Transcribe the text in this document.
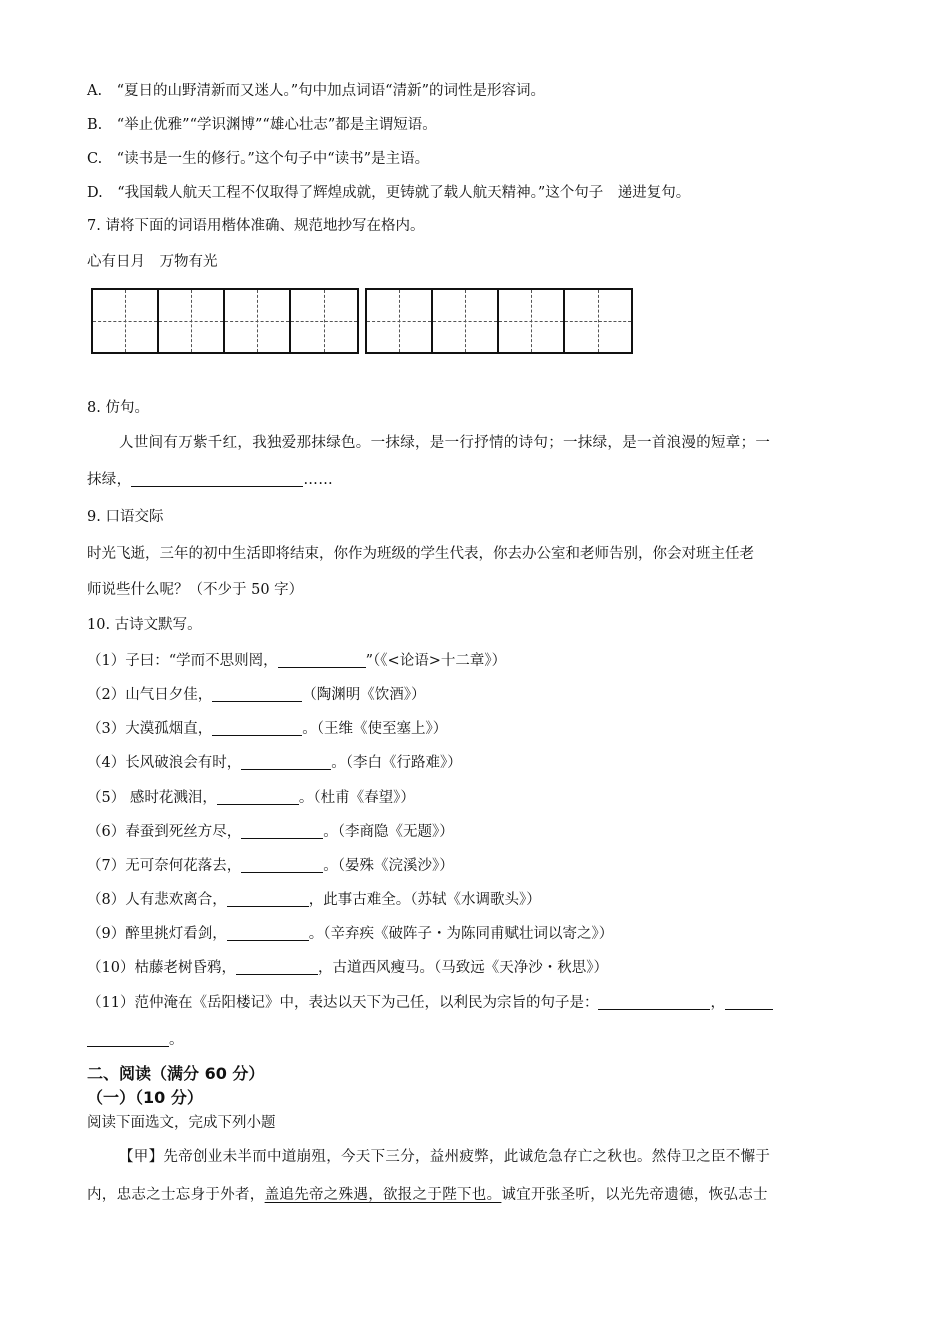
A.　“夏日的山野清新而又迷人。”句中加点词语“清新”的词性是形容词。
B.　“举止优雅”“学识渊博”“雄心壮志”都是主谓短语。
C.　“读书是一生的修行。”这个句子中“读书”是主语。
D.　“我国载人航天工程不仅取得了辉煌成就，更铸就了载人航天精神。”这个句子　递进复句。
7. 请将下面的词语用楷体准确、规范地抄写在格内。
心有日月　万物有光
8. 仿句。
人世间有万紫千红，我独爱那抹绿色。一抹绿，是一行抒情的诗句；一抹绿，是一首浪漫的短章；一
抹绿，	……
9. 口语交际
时光飞逝，三年的初中生活即将结束，你作为班级的学生代表，你去办公室和老师告别，你会对班主任老
师说些什么呢？（不少于 50 字）
10. 古诗文默写。
（1）子曰：“学而不思则罔，	”（《<论语>十二章》）
（2）山气日夕佳，	（陶渊明《饮酒》）
（3）大漠孤烟直，	。（王维《使至塞上》）
（4）长风破浪会有时，	。（李白《行路难》）
（5） 感时花溅泪，	。（杜甫《春望》）
（6）春蚕到死丝方尽，	。（李商隐《无题》）
（7）无可奈何花落去，	。（晏殊《浣溪沙》）
（8）人有悲欢离合，	，此事古难全。（苏轼《水调歌头》）
（9）醉里挑灯看剑，	。（辛弃疾《破阵子・为陈同甫赋壮词以寄之》）
（10）枯藤老树昏鸦，	，古道西风瘦马。（马致远《天净沙・秋思》）
（11）范仲淹在《岳阳楼记》中，表达以天下为己任，以利民为宗旨的句子是：	，
。
二、阅读（满分 60 分）
（一）（10 分）
阅读下面选文，完成下列小题
【甲】先帝创业未半而中道崩殂，今天下三分，益州疲弊，此诚危急存亡之秋也。然侍卫之臣不懈于
内，忠志之士忘身于外者，盖追先帝之殊遇，欲报之于陛下也。诚宜开张圣听，以光先帝遗德，恢弘志士
